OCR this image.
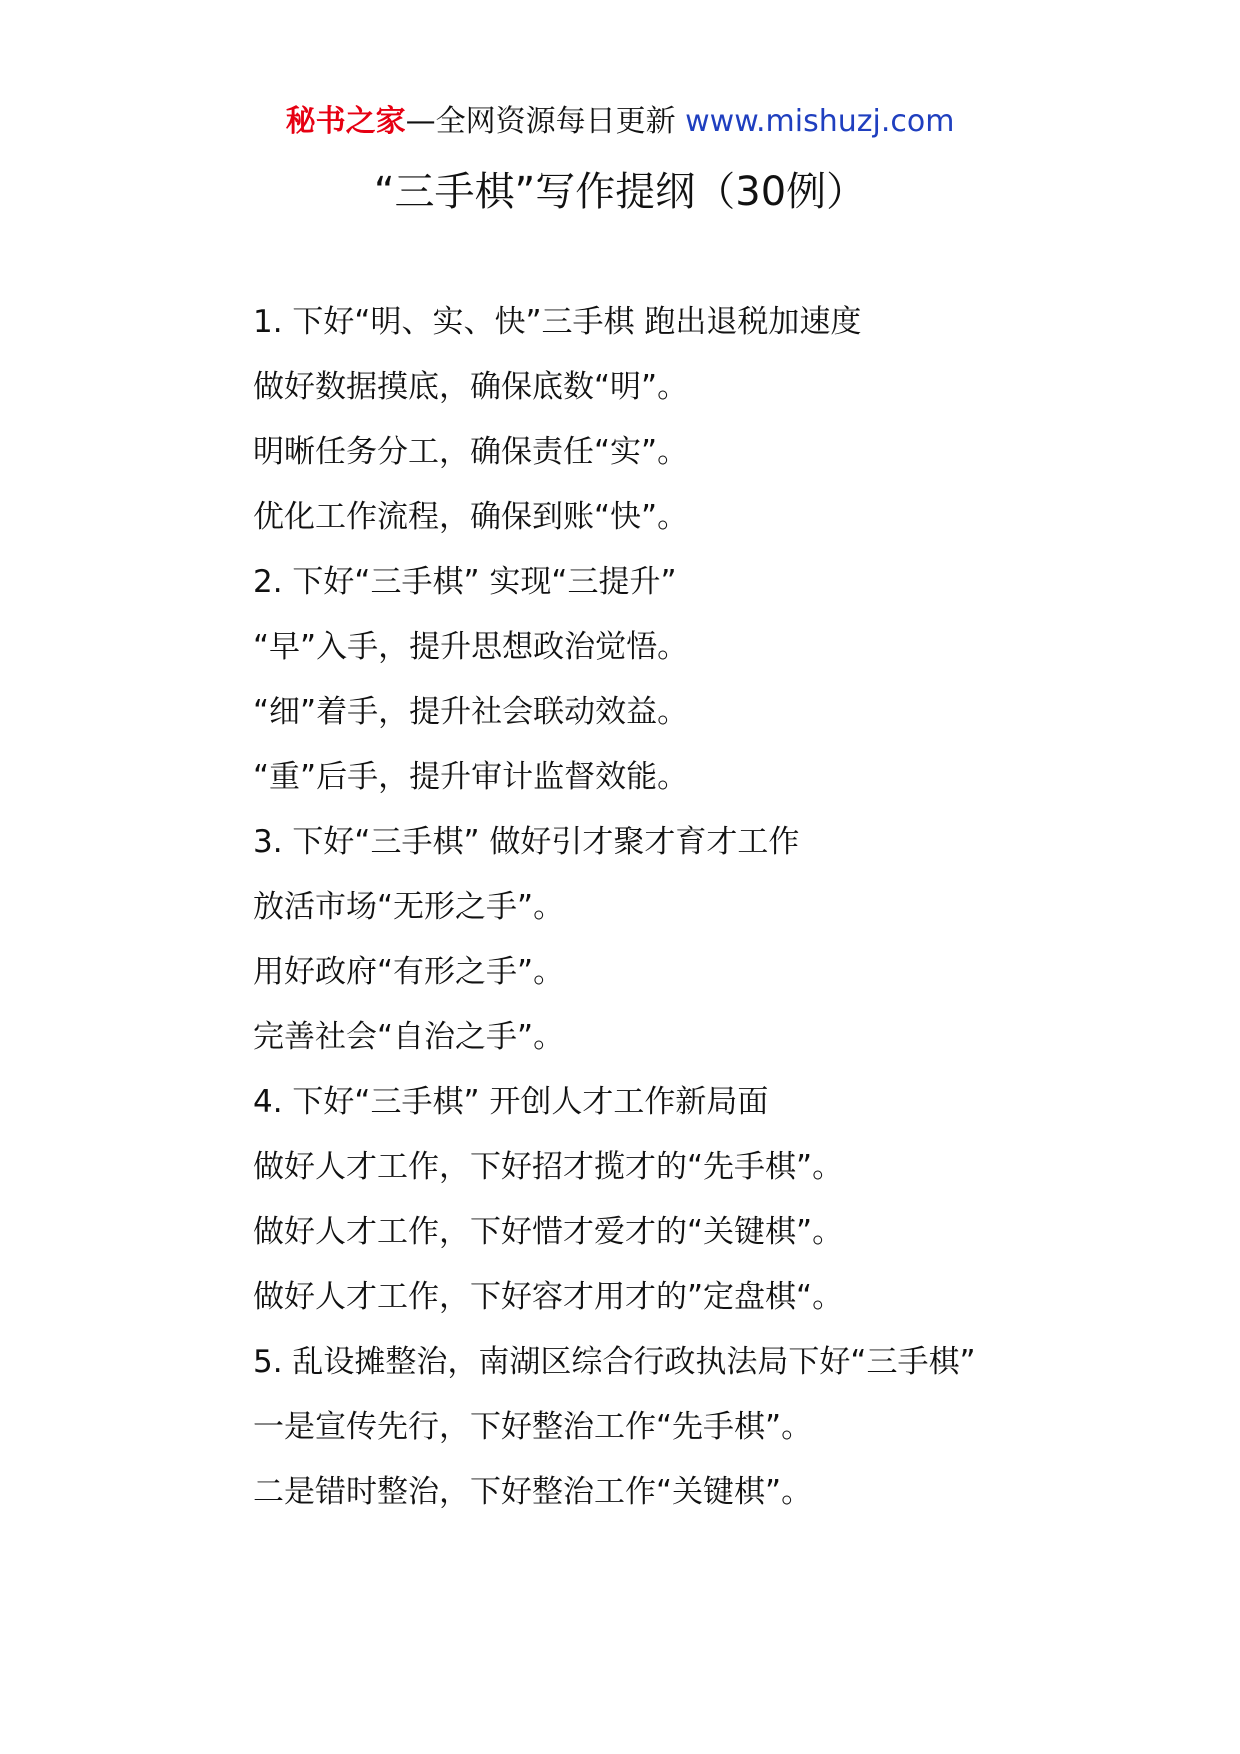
秘书之家—全网资源每日更新 www.mishuzj.com
“三手棋”写作提纲（30例）

1. 下好“明、实、快”三手棋 跑出退税加速度

做好数据摸底，确保底数“明”。

明晰任务分工，确保责任“实”。

优化工作流程，确保到账“快”。

2. 下好“三手棋” 实现“三提升”

“早”入手，提升思想政治觉悟。

“细”着手，提升社会联动效益。

“重”后手，提升审计监督效能。

3. 下好“三手棋” 做好引才聚才育才工作

放活市场“无形之手”。

用好政府“有形之手”。

完善社会“自治之手”。

4. 下好“三手棋” 开创人才工作新局面

做好人才工作，下好招才揽才的“先手棋”。

做好人才工作，下好惜才爱才的“关键棋”。

做好人才工作，下好容才用才的”定盘棋“。

5. 乱设摊整治，南湖区综合行政执法局下好“三手棋”

一是宣传先行，下好整治工作“先手棋”。

二是错时整治，下好整治工作“关键棋”。
